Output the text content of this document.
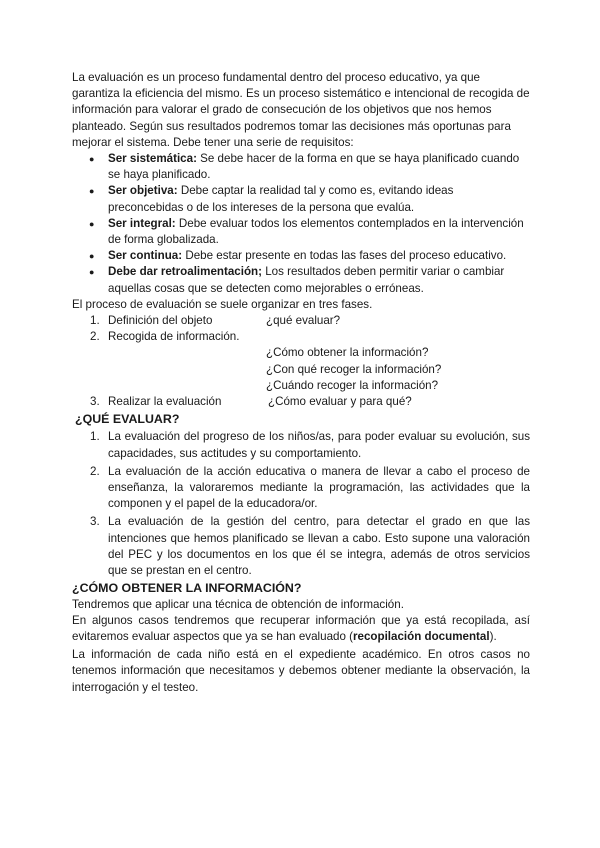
La evaluación es un proceso fundamental dentro del proceso educativo, ya que garantiza la eficiencia del mismo. Es un proceso sistemático e intencional de recogida de información para valorar el grado de consecución de los objetivos que nos hemos planteado. Según sus resultados podremos tomar las decisiones más oportunas para mejorar el sistema. Debe tener una serie de requisitos:

● Ser sistemática: Se debe hacer de la forma en que se haya planificado cuando se haya planificado.
● Ser objetiva: Debe captar la realidad tal y como es, evitando ideas preconcebidas o de los intereses de la persona que evalúa.
● Ser integral: Debe evaluar todos los elementos contemplados en la intervención de forma globalizada.
● Ser continua: Debe estar presente en todas las fases del proceso educativo.
● Debe dar retroalimentación; Los resultados deben permitir variar o cambiar aquellas cosas que se detecten como mejorables o erróneas.

El proceso de evaluación se suele organizar en tres fases.

1. Definición del objeto	¿qué evaluar?
2. Recogida de información.
¿Cómo obtener la información?
¿Con qué recoger la información?
¿Cuándo recoger la información?
3. Realizar la evaluación	¿Cómo evaluar y para qué?

¿QUÉ EVALUAR?

1. La evaluación del progreso de los niños/as, para poder evaluar su evolución, sus capacidades, sus actitudes y su comportamiento.
2. La evaluación de la acción educativa o manera de llevar a cabo el proceso de enseñanza, la valoraremos mediante la programación, las actividades que la componen y el papel de la educadora/or.
3. La evaluación de la gestión del centro, para detectar el grado en que las intenciones que hemos planificado se llevan a cabo. Esto supone una valoración del PEC y los documentos en los que él se integra, además de otros servicios que se prestan en el centro.

¿CÓMO OBTENER LA INFORMACIÓN?

Tendremos que aplicar una técnica de obtención de información.

En algunos casos tendremos que recuperar información que ya está recopilada, así evitaremos evaluar aspectos que ya se han evaluado (recopilación documental).

La información de cada niño está en el expediente académico. En otros casos no tenemos información que necesitamos y debemos obtener mediante la observación, la interrogación y el testeo.
